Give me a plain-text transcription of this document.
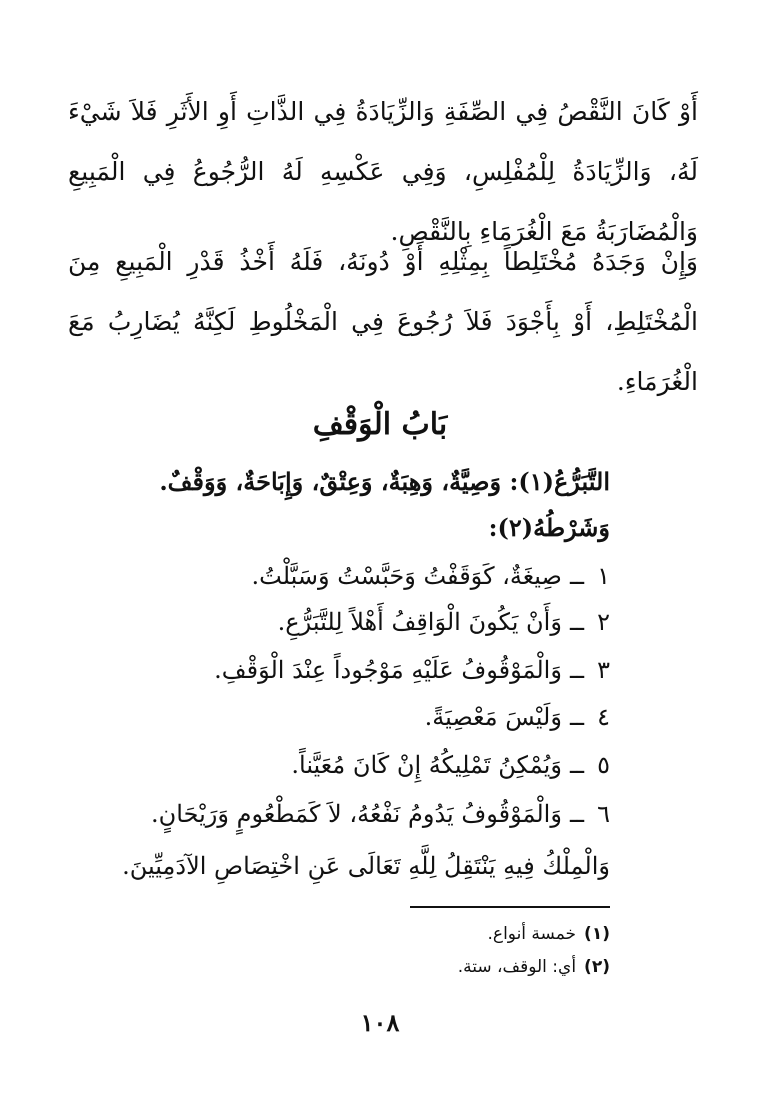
أَوْ كَانَ النَّقْصُ فِي الصِّفَةِ وَالزِّيَادَةُ فِي الذَّاتِ أَوِ الأَثَرِ فَلاَ شَيْءَ لَهُ، وَالزِّيَادَةُ لِلْمُفْلِسِ، وَفِي عَكْسِهِ لَهُ الرُّجُوعُ فِي الْمَبِيعِ وَالْمُضَارَبَةُ مَعَ الْغُرَمَاءِ بِالنَّقْصِ.

وَإِنْ وَجَدَهُ مُخْتَلِطاً بِمِثْلِهِ أَوْ دُونَهُ، فَلَهُ أَخْذُ قَدْرِ الْمَبِيعِ مِنَ الْمُخْتَلِطِ، أَوْ بِأَجْوَدَ فَلاَ رُجُوعَ فِي الْمَخْلُوطِ لَكِنَّهُ يُضَارِبُ مَعَ الْغُرَمَاءِ.

بَابُ الْوَقْفِ
التَّبَرُّعُ(١): وَصِيَّةٌ، وَهِبَةٌ، وَعِتْقٌ، وَإِبَاحَةٌ، وَوَقْفٌ.
وَشَرْطُهُ(٢):
١ــصِيغَةٌ، كَوَقَفْتُ وَحَبَّسْتُ وَسَبَّلْتُ.
٢ــوَأَنْ يَكُونَ الْوَاقِفُ أَهْلاً لِلتَّبَرُّعِ.
٣ــوَالْمَوْقُوفُ عَلَيْهِ مَوْجُوداً عِنْدَ الْوَقْفِ.
٤ــوَلَيْسَ مَعْصِيَةً.
٥ــوَيُمْكِنُ تَمْلِيكُهُ إِنْ كَانَ مُعَيَّناً.
٦ــوَالْمَوْقُوفُ يَدُومُ نَفْعُهُ، لاَ كَمَطْعُومٍ وَرَيْحَانٍ.
وَالْمِلْكُ فِيهِ يَنْتَقِلُ لِلَّهِ تَعَالَى عَنِ اخْتِصَاصِ الآدَمِيِّينَ.
(١)خمسة أنواع.
(٢)أي: الوقف، ستة.
١٠٨
